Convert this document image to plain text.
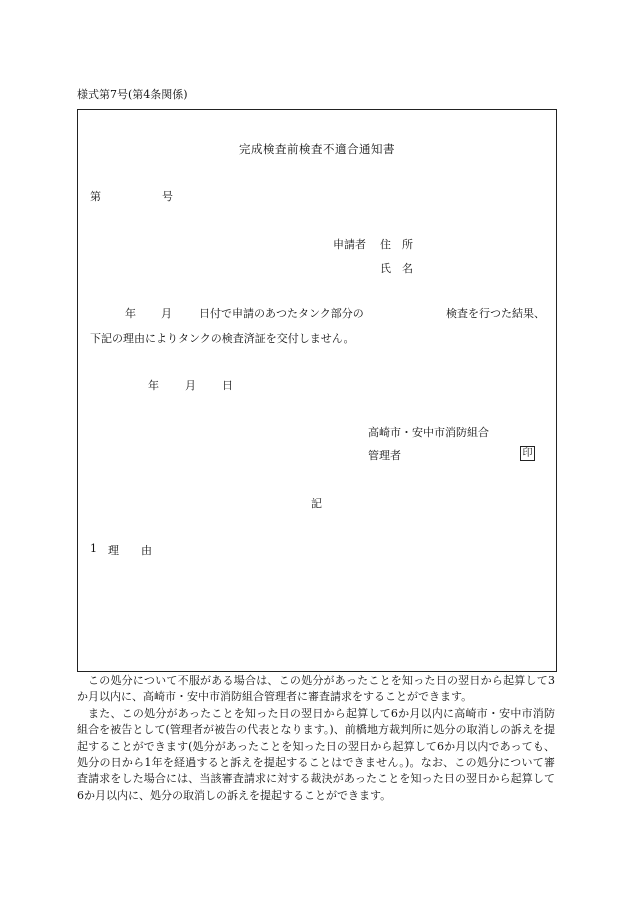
様式第7号(第4条関係)
完成検査前検査不適合通知書
第	号
申請者 住　所
氏　名
年 月 日付で申請のあつたタンク部分の	検査を行つた結果、
下記の理由によりタンクの検査済証を交付しません。
年 月 日
高崎市・安中市消防組合
管理者	印
記
1 理　　由

この処分について不服がある場合は、この処分があったことを知った日の翌日から起算して3か月以内に、高崎市・安中市消防組合管理者に審査請求をすることができます。

また、この処分があったことを知った日の翌日から起算して6か月以内に高崎市・安中市消防組合を被告として(管理者が被告の代表となります。)、前橋地方裁判所に処分の取消しの訴えを提起することができます(処分があったことを知った日の翌日から起算して6か月以内であっても、処分の日から1年を経過すると訴えを提起することはできません。)。なお、この処分について審査請求をした場合には、当該審査請求に対する裁決があったことを知った日の翌日から起算して6か月以内に、処分の取消しの訴えを提起することができます。
